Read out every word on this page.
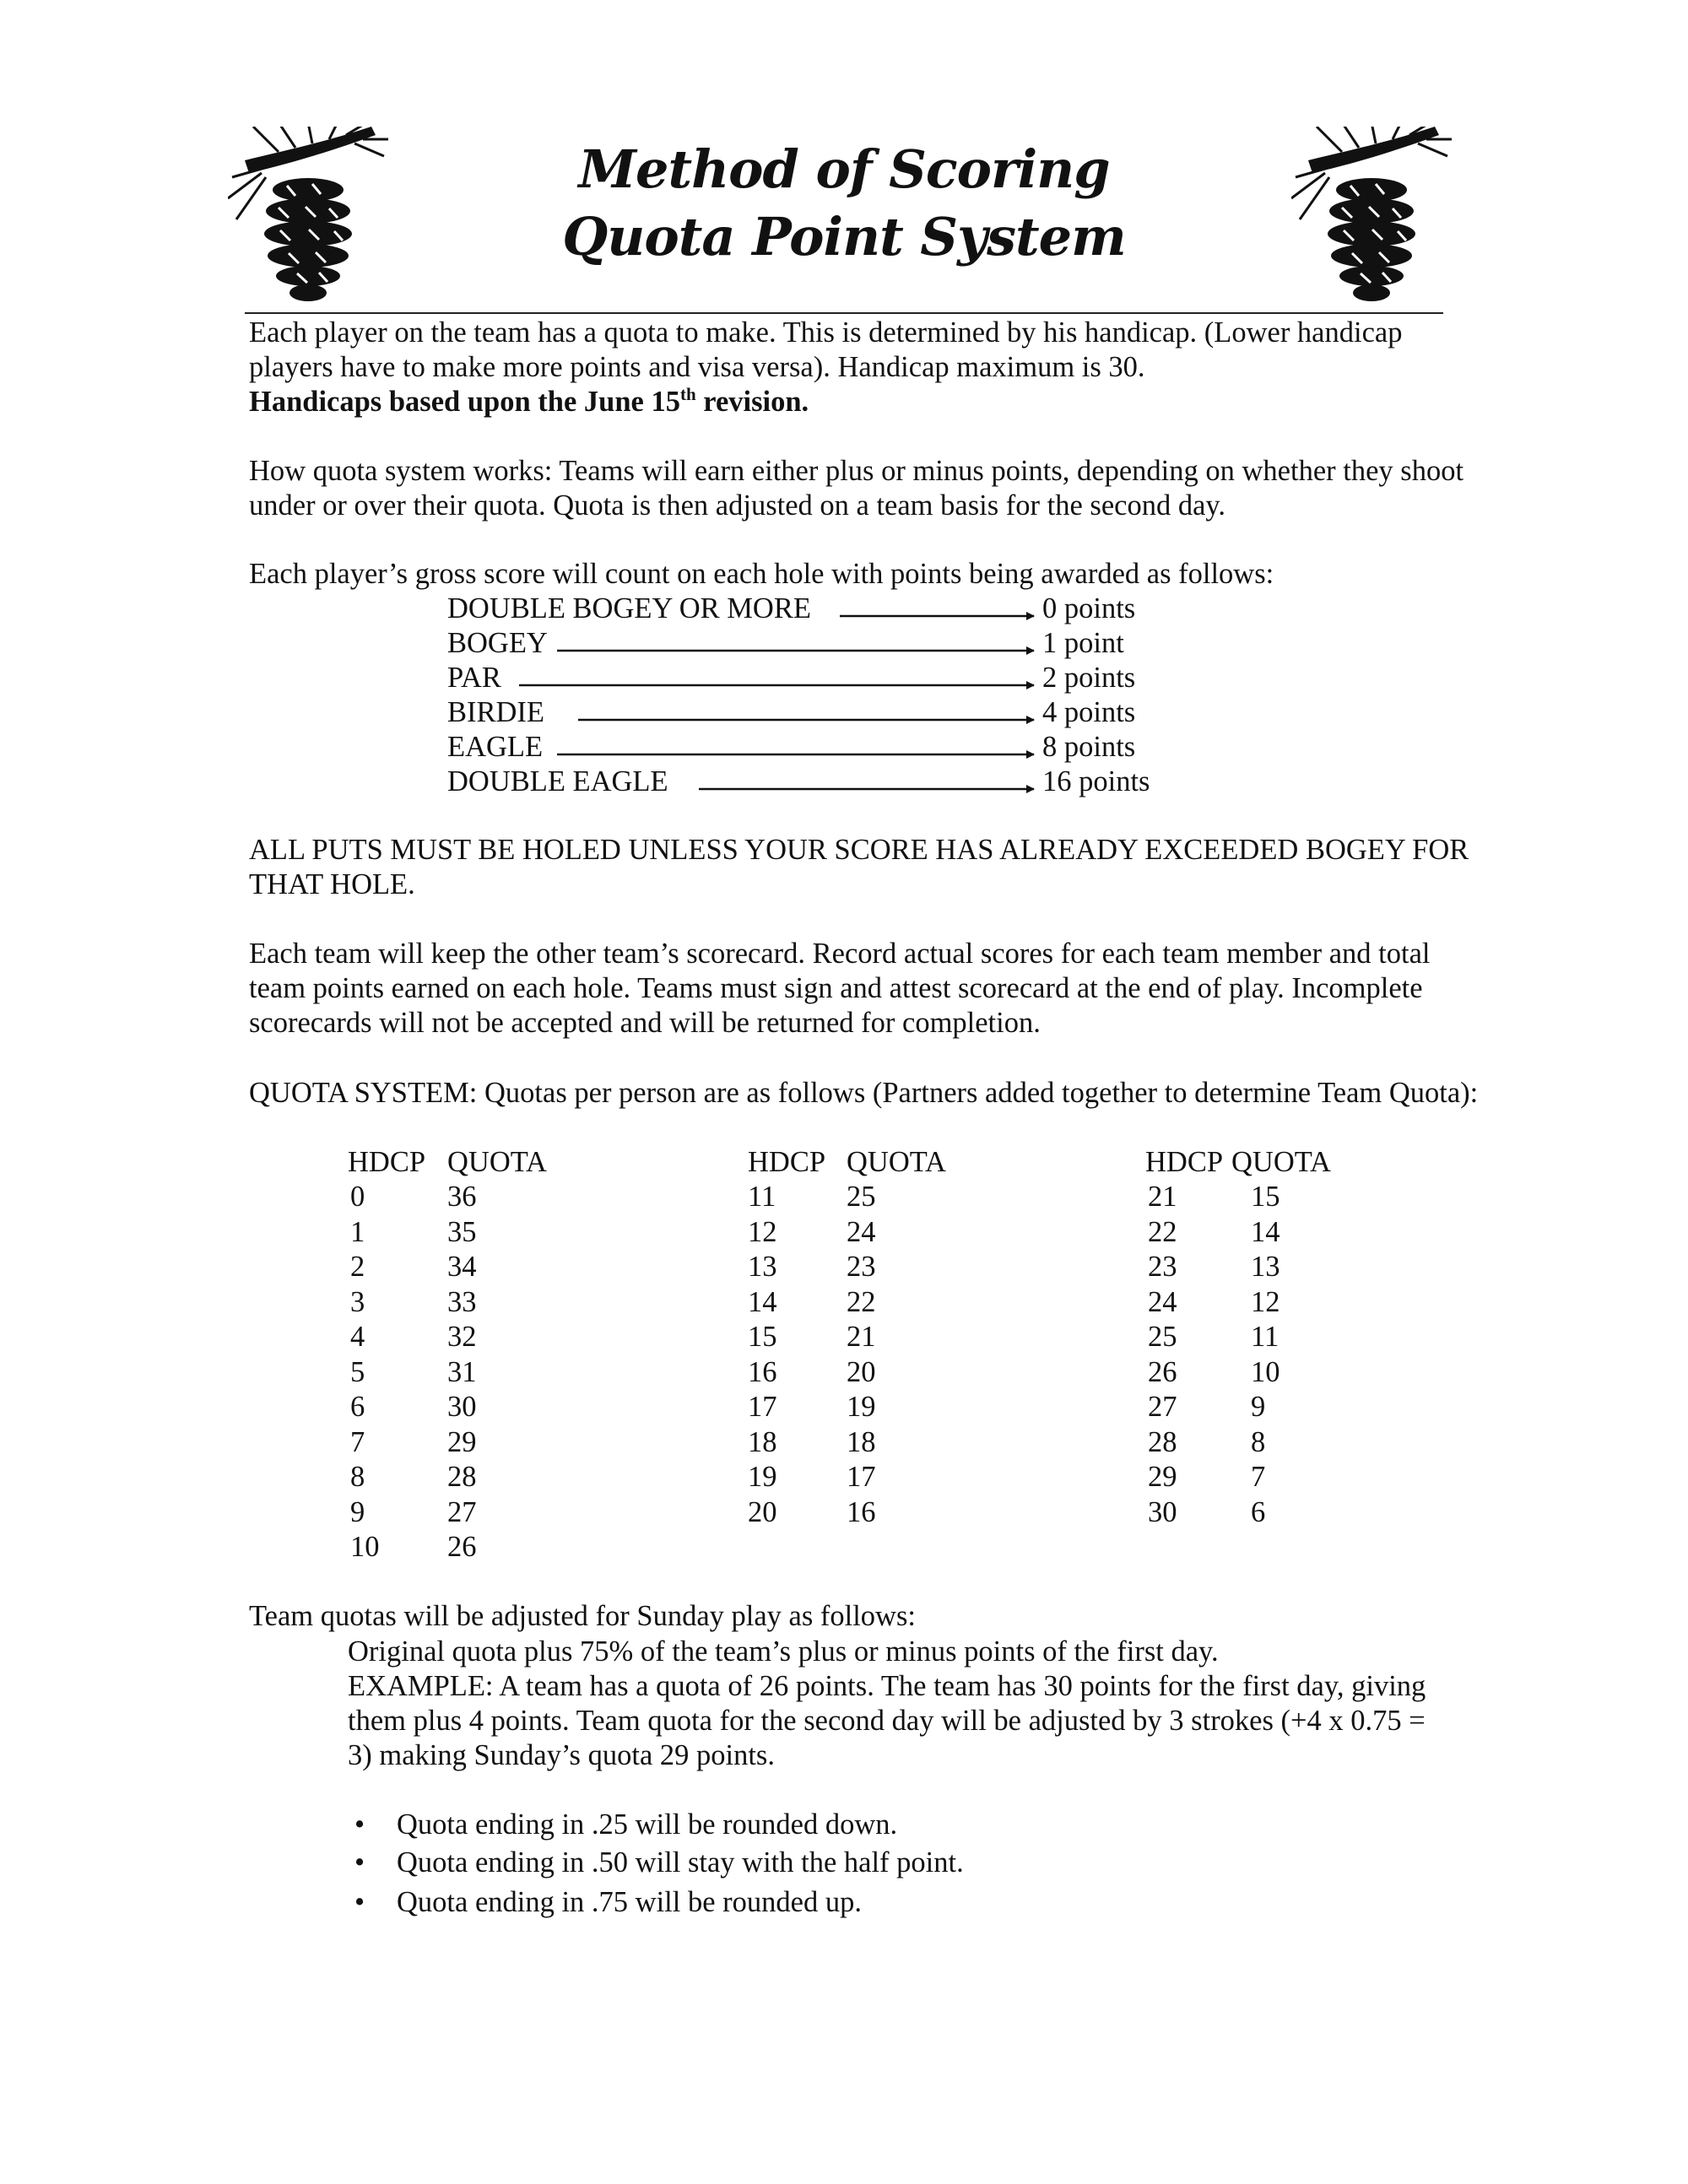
Method of Scoring
Quota Point System
Each player on the team has a quota to make. This is determined by his handicap. (Lower handicap players have to make more points and visa versa). Handicap maximum is 30.
Handicaps based upon the June 15th revision.
How quota system works: Teams will earn either plus or minus points, depending on whether they shoot under or over their quota. Quota is then adjusted on a team basis for the second day.
Each player’s gross score will count on each hole with points being awarded as follows:
DOUBLE BOGEY OR MORE	0 points
BOGEY	1 point
PAR	2 points
BIRDIE	4 points
EAGLE	8 points
DOUBLE EAGLE	16 points
ALL PUTS MUST BE HOLED UNLESS YOUR SCORE HAS ALREADY EXCEEDED BOGEY FOR THAT HOLE.
Each team will keep the other team’s scorecard. Record actual scores for each team member and total team points earned on each hole. Teams must sign and attest scorecard at the end of play. Incomplete scorecards will not be accepted and will be returned for completion.
QUOTA SYSTEM: Quotas per person are as follows (Partners added together to determine Team Quota):
HDCP QUOTA	HDCP QUOTA	HDCP QUOTA
0	36
1	35
2	34
3	33
4	32
5	31
6	30
7	29
8	28
9	27
10 26
11 25
12 24
13 23
14 22
15 21
16 20
17 19
18 18
19 17
20 16
21	15
22	14
23	13
24	12
25	11
26	10
27	9
28	8
29	7
30	6
Team quotas will be adjusted for Sunday play as follows:
Original quota plus 75% of the team’s plus or minus points of the first day.
EXAMPLE: A team has a quota of 26 points. The team has 30 points for the first day, giving them plus 4 points. Team quota for the second day will be adjusted by 3 strokes (+4 x 0.75 = 3) making Sunday’s quota 29 points.
• Quota ending in .25 will be rounded down.
• Quota ending in .50 will stay with the half point.
• Quota ending in .75 will be rounded up.
